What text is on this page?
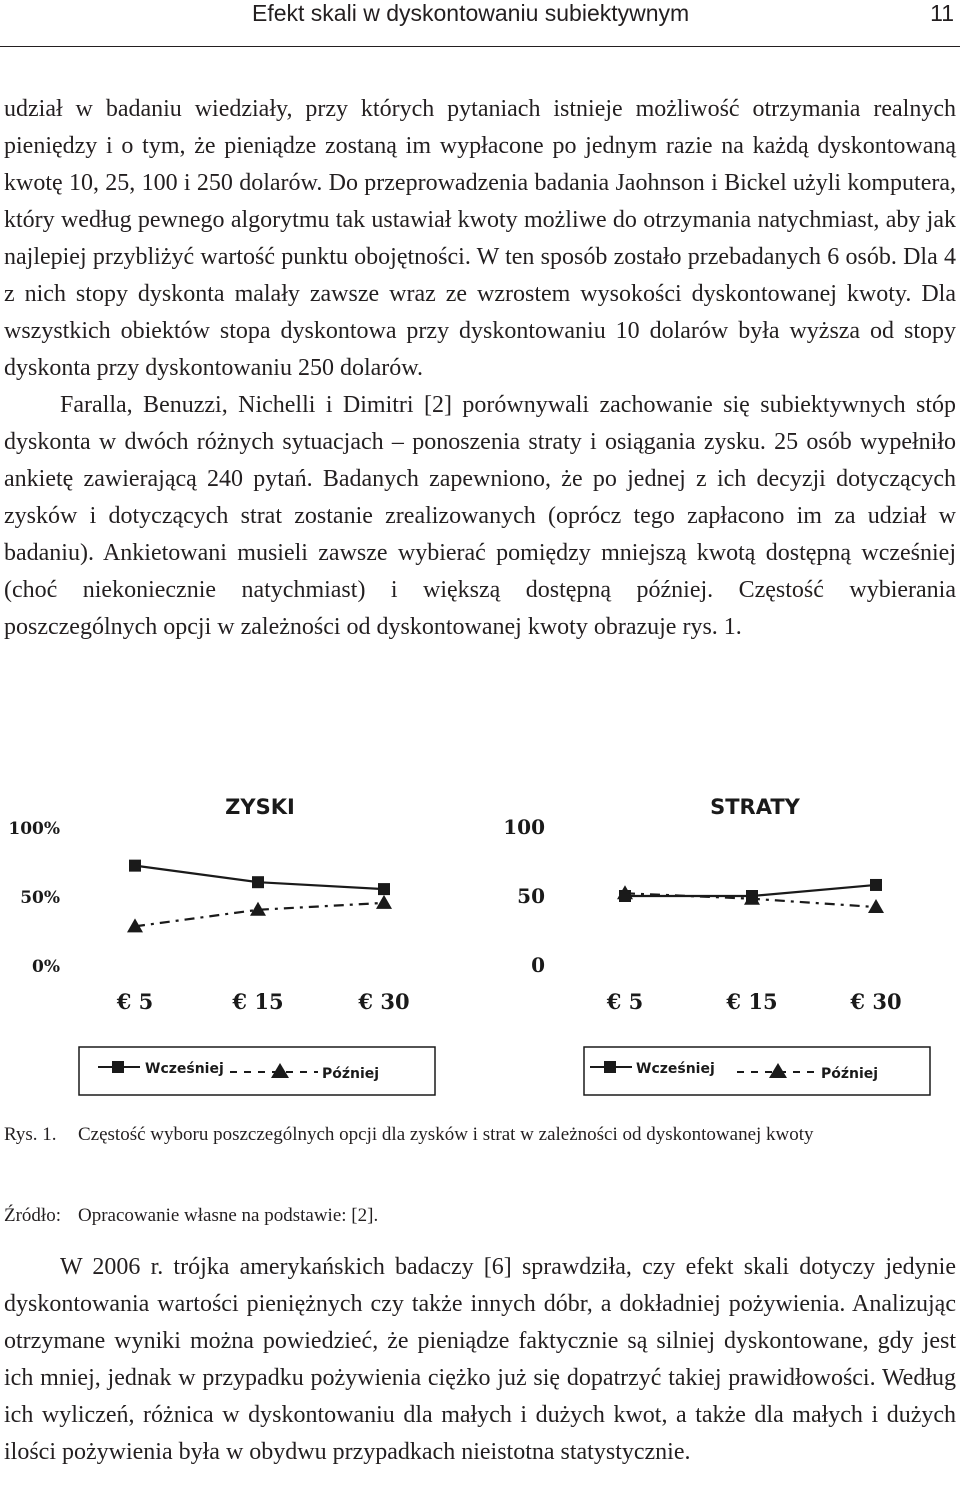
Efekt skali w dyskontowaniu subiektywnym	11

udział w badaniu wiedziały, przy których pytaniach istnieje możliwość otrzymania realnych pieniędzy i o tym, że pieniądze zostaną im wypłacone po jednym razie na każdą dyskontowaną kwotę 10, 25, 100 i 250 dolarów. Do przeprowadzenia badania Jaohnson i Bickel użyli komputera, który według pewnego algorytmu tak ustawiał kwoty możliwe do otrzymania natychmiast, aby jak najlepiej przybliżyć wartość punktu obojętności. W ten sposób zostało przebadanych 6 osób. Dla 4 z nich stopy dyskonta malały zawsze wraz ze wzrostem wysokości dyskontowanej kwoty. Dla wszystkich obiektów stopa dyskontowa przy dyskontowaniu 10 dolarów była wyższa od stopy dyskonta przy dyskontowaniu 250 dolarów.

Faralla, Benuzzi, Nichelli i Dimitri [2] porównywali zachowanie się subiektywnych stóp dyskonta w dwóch różnych sytuacjach – ponoszenia straty i osiągania zysku. 25 osób wypełniło ankietę zawierającą 240 pytań. Badanych zapewniono, że po jednej z ich decyzji dotyczących zysków i dotyczących strat zostanie zrealizowanych (oprócz tego zapłacono im za udział w badaniu). Ankietowani musieli zawsze wybierać pomiędzy mniejszą kwotą dostępną wcześniej (choć niekoniecznie natychmiast) i większą dostępną później. Częstość wybierania poszczególnych opcji w zależności od dyskontowanej kwoty obrazuje rys. 1.

ZYSKI
0%
50%
100%
€ 5	€ 15	€ 30
Wcześniej	Później
STRATY
0
50
100
€ 5	€ 15	€ 30
Wcześniej	Później
Rys. 1. Częstość wyboru poszczególnych opcji dla zysków i strat w zależności od dyskontowanej kwoty
Źródło: Opracowanie własne na podstawie: [2].

W 2006 r. trójka amerykańskich badaczy [6] sprawdziła, czy efekt skali dotyczy jedynie dyskontowania wartości pieniężnych czy także innych dóbr, a dokładniej pożywienia. Analizując otrzymane wyniki można powiedzieć, że pieniądze faktycznie są silniej dyskontowane, gdy jest ich mniej, jednak w przypadku pożywienia ciężko już się dopatrzyć takiej prawidłowości. Według ich wyliczeń, różnica w dyskontowaniu dla małych i dużych kwot, a także dla małych i dużych ilości pożywienia była w obydwu przypadkach nieistotna statystycznie.
